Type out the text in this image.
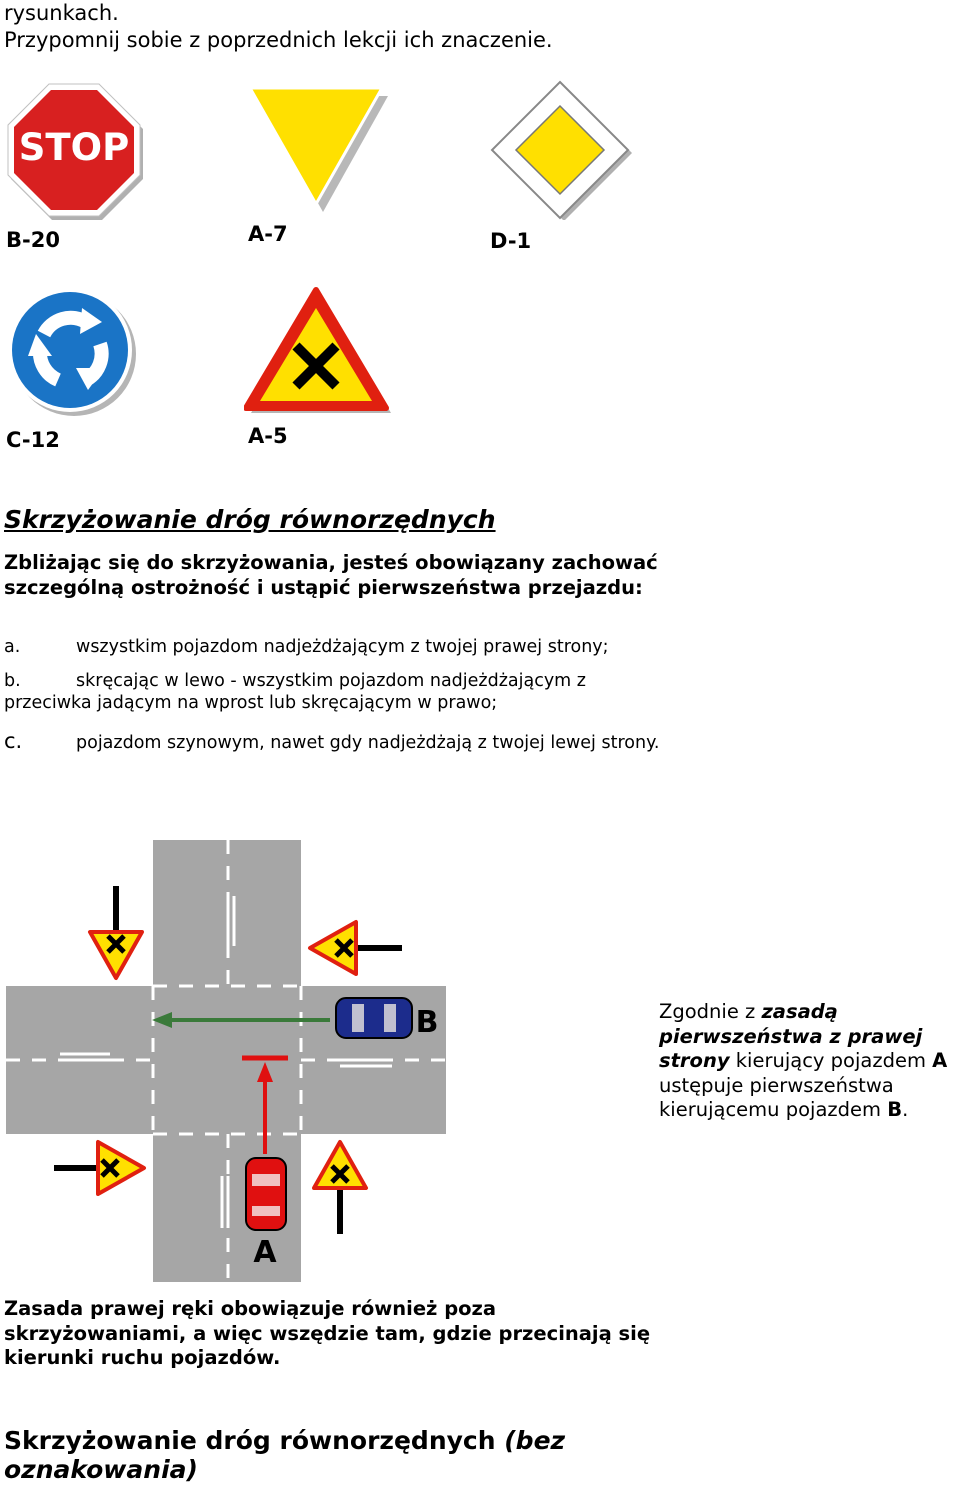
rysunkach.
Przypomnij sobie z poprzednich lekcji ich znaczenie.
STOP
B-20	A-7	D-1
C-12	A-5
Skrzyżowanie dróg równorzędnych
Zbliżając się do skrzyżowania, jesteś obowiązany zachować szczególną ostrożność i ustąpić pierwszeństwa przejazdu:
a.	wszystkim pojazdom nadjeżdżającym z twojej prawej strony;
b.	skręcając w lewo - wszystkim pojazdom nadjeżdżającym z przeciwka jadącym na wprost lub skręcającym w prawo;
c.	pojazdom szynowym, nawet gdy nadjeżdżają z twojej lewej strony.
B
A
Zgodnie z zasadą pierwszeństwa z prawej strony kierujący pojazdem A ustępuje pierwszeństwa kierującemu pojazdem B.
Zasada prawej ręki obowiązuje również poza skrzyżowaniami, a więc wszędzie tam, gdzie przecinają się kierunki ruchu pojazdów.
Skrzyżowanie dróg równorzędnych (bez oznakowania)
